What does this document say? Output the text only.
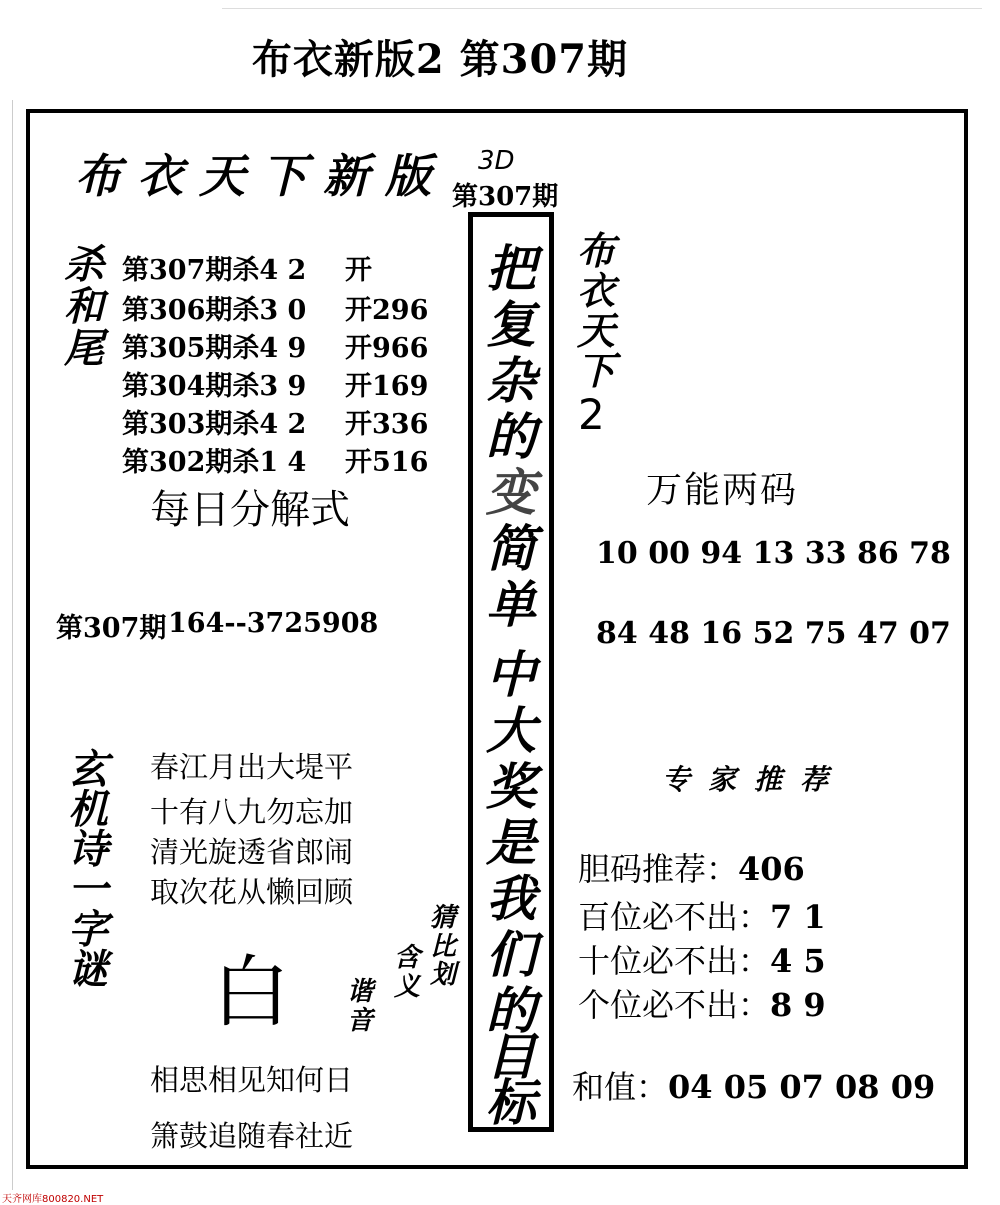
布衣新版2 第307期
布衣天下新版 3D
第307期
杀
和
尾
第307期杀4 2 开
第306期杀3 0 开296
第305期杀4 9 开966
第304期杀3 9 开169
第303期杀4 2 开336
第302期杀1 4 开516
每日分解式
第307期 164--3725908
玄
机
诗
一
字
谜
春江月出大堤平
十有八九勿忘加
清光旋透省郎闹
取次花从懒回顾
白
猜
比
划
含
义
谐
音
相思相见知何日
箫鼓追随春社近
把
复
杂
的
变
简
单
中
大
奖
是
我
们
的
目
标
布
衣
天
下
2
万能两码
10 00 94 13 33 86 78
84 48 16 52 75 47 07
专家推荐
胆码推荐：406
百位必不出：7 1
十位必不出：4 5
个位必不出：8 9
和值：04 05 07 08 09
天齐网库800820.NET
